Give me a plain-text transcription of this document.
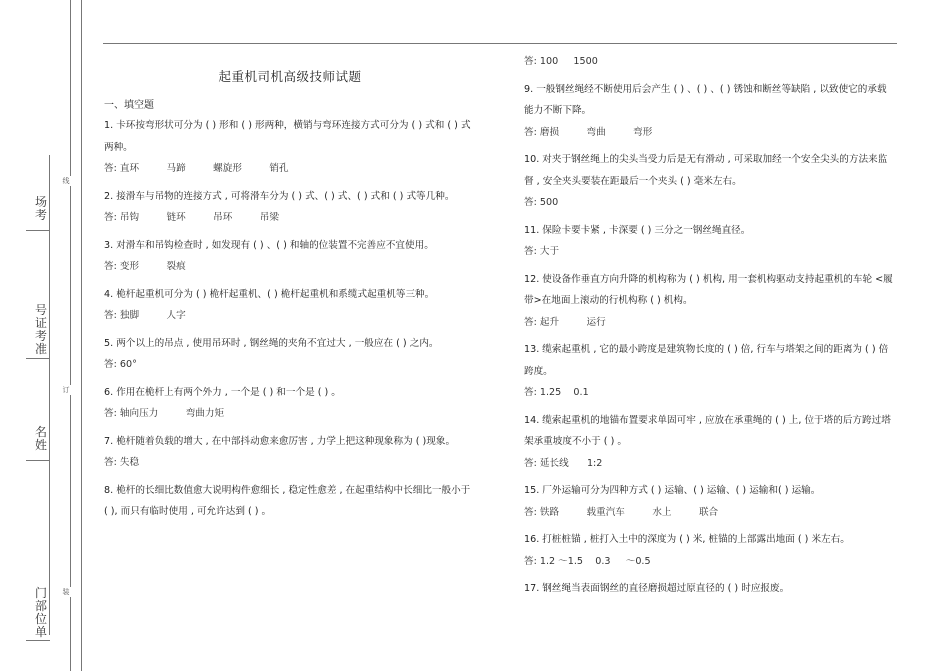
场考
号证考准
名姓
门部位单
线
订
装
起重机司机高级技师试题
一、填空题
1. 卡环按弯形状可分为 ( ) 形和 ( ) 形两种，横销与弯环连接方式可分为 ( ) 式和 ( ) 式两种。
答: 直环         马蹄         螺旋形         销孔
2. 接滑车与吊物的连接方式 , 可将滑车分为 ( ) 式、( ) 式、( ) 式和 ( ) 式等几种。
答: 吊钩         链环         吊环         吊梁
3. 对滑车和吊钩检查时 , 如发现有 ( ) 、( ) 和轴的位装置不完善应不宜使用。
答: 变形         裂痕
4. 桅杆起重机可分为 ( ) 桅杆起重机、( ) 桅杆起重机和系缆式起重机等三种。
答: 独脚         人字
5. 两个以上的吊点 , 使用吊环时 , 钢丝绳的夹角不宜过大 , 一般应在 ( ) 之内。
答: 60°
6. 作用在桅杆上有两个外力 , 一个是 ( ) 和一个是 ( ) 。
答: 轴向压力         弯曲力矩
7. 桅杆随着负载的增大 , 在中部抖动愈来愈厉害 , 力学上把这种现象称为 ( )现象。
答: 失稳
8. 桅杆的长细比数值愈大说明构件愈细长 , 稳定性愈差 , 在起重结构中长细比一般小于 ( ), 而只有临时使用 , 可允许达到 ( ) 。
答: 100     1500
9. 一般钢丝绳经不断使用后会产生 ( ) 、( ) 、( ) 锈蚀和断丝等缺陷 , 以致使它的承载能力不断下降。
答: 磨损         弯曲         弯形
10. 对夹于钢丝绳上的尖头当受力后是无有滑动 , 可采取加经一个安全尖头的方法来监督 , 安全夹头要装在距最后一个夹头 ( ) 毫米左右。
答: 500
11. 保险卡要卡紧 , 卡深要 ( ) 三分之一钢丝绳直径。
答: 大于
12. 使设备作垂直方向升降的机构称为 ( ) 机构, 用一套机构驱动支持起重机的车轮 <履带>在地面上滚动的行机构称 ( ) 机构。
答: 起升         运行
13. 缆索起重机 , 它的最小跨度是建筑物长度的 ( ) 倍, 行车与塔架之间的距离为 ( ) 倍跨度。
答: 1.25    0.1
14. 缆索起重机的地锚布置要求单固可牢 , 应放在承重绳的 ( ) 上, 位于塔的后方跨过塔架承重坡度不小于 ( ) 。
答: 延长线      1:2
15. 厂外运输可分为四种方式 ( ) 运输、( ) 运输、( ) 运输和( ) 运输。
答: 铁路         载重汽车         水上         联合
16. 打桩桩锚 , 桩打入土中的深度为 ( ) 米, 桩锚的上部露出地面 ( ) 米左右。
答: 1.2 ～1.5    0.3     ～0.5
17. 钢丝绳当表面钢丝的直径磨损超过原直径的 ( ) 时应报废。
